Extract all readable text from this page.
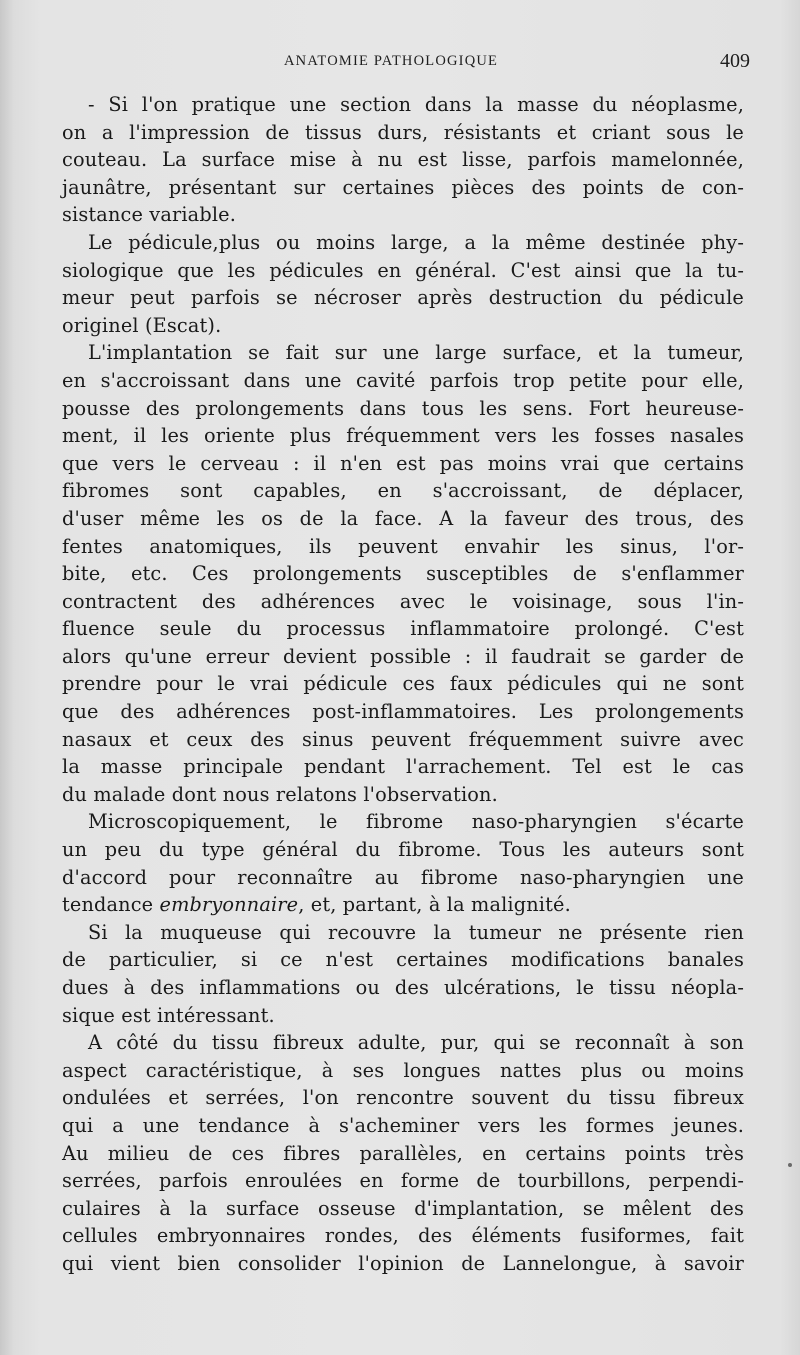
ANATOMIE PATHOLOGIQUE	409

- Si l'on pratique une section dans la masse du néoplasme,
on a l'impression de tissus durs, résistants et criant sous le
couteau. La surface mise à nu est lisse, parfois mamelonnée,
jaunâtre, présentant sur certaines pièces des points de con-
sistance variable.

Le pédicule,plus ou moins large, a la même destinée phy-
siologique que les pédicules en général. C'est ainsi que la tu-
meur peut parfois se nécroser après destruction du pédicule
originel (Escat).

L'implantation se fait sur une large surface, et la tumeur,
en s'accroissant dans une cavité parfois trop petite pour elle,
pousse des prolongements dans tous les sens. Fort heureuse-
ment, il les oriente plus fréquemment vers les fosses nasales
que vers le cerveau : il n'en est pas moins vrai que certains
fibromes sont capables, en s'accroissant, de déplacer,
d'user même les os de la face. A la faveur des trous, des
fentes anatomiques, ils peuvent envahir les sinus, l'or-
bite, etc. Ces prolongements susceptibles de s'enflammer
contractent des adhérences avec le voisinage, sous l'in-
fluence seule du processus inflammatoire prolongé. C'est
alors qu'une erreur devient possible : il faudrait se garder de
prendre pour le vrai pédicule ces faux pédicules qui ne sont
que des adhérences post-inflammatoires. Les prolongements
nasaux et ceux des sinus peuvent fréquemment suivre avec
la masse principale pendant l'arrachement. Tel est le cas
du malade dont nous relatons l'observation.

Microscopiquement, le fibrome naso-pharyngien s'écarte
un peu du type général du fibrome. Tous les auteurs sont
d'accord pour reconnaître au fibrome naso-pharyngien une
tendance embryonnaire, et, partant, à la malignité.

Si la muqueuse qui recouvre la tumeur ne présente rien
de particulier, si ce n'est certaines modifications banales
dues à des inflammations ou des ulcérations, le tissu néopla-
sique est intéressant.

A côté du tissu fibreux adulte, pur, qui se reconnaît à son
aspect caractéristique, à ses longues nattes plus ou moins
ondulées et serrées, l'on rencontre souvent du tissu fibreux
qui a une tendance à s'acheminer vers les formes jeunes.
Au milieu de ces fibres parallèles, en certains points très
serrées, parfois enroulées en forme de tourbillons, perpendi-
culaires à la surface osseuse d'implantation, se mêlent des
cellules embryonnaires rondes, des éléments fusiformes, fait
qui vient bien consolider l'opinion de Lannelongue, à savoir
